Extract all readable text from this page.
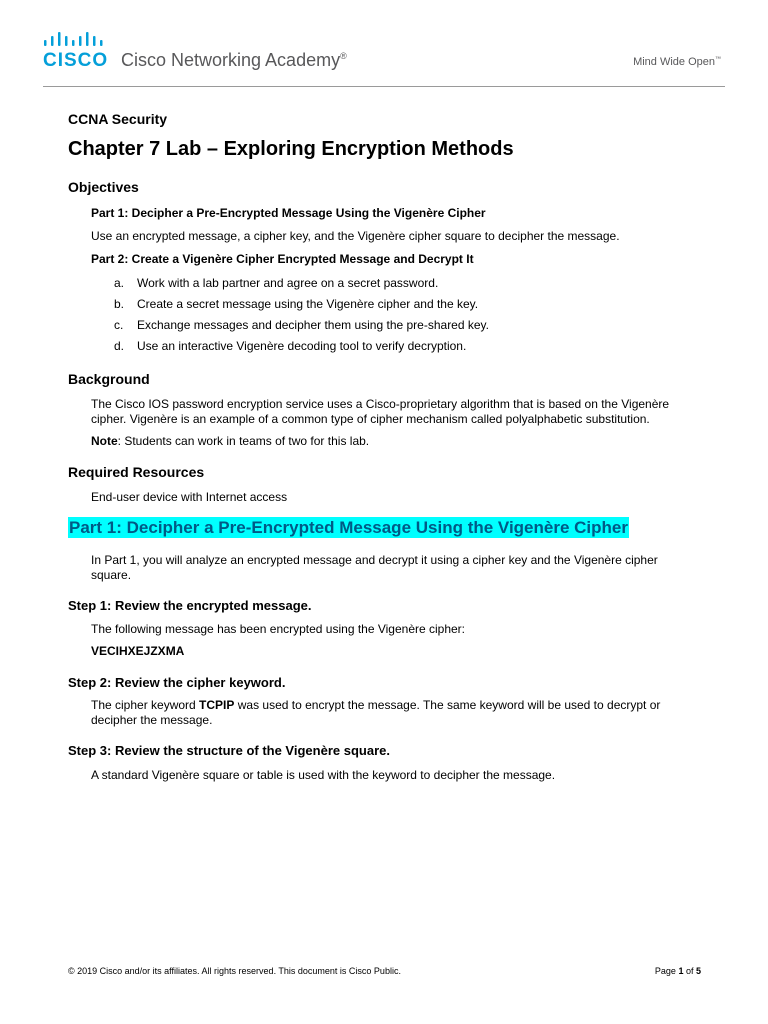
CISCO Cisco Networking Academy®	Mind Wide Open™
CCNA Security
Chapter 7 Lab – Exploring Encryption Methods
Objectives
Part 1: Decipher a Pre-Encrypted Message Using the Vigenère Cipher
Use an encrypted message, a cipher key, and the Vigenère cipher square to decipher the message.
Part 2: Create a Vigenère Cipher Encrypted Message and Decrypt It
a. Work with a lab partner and agree on a secret password.
b. Create a secret message using the Vigenère cipher and the key.
c. Exchange messages and decipher them using the pre-shared key.
d. Use an interactive Vigenère decoding tool to verify decryption.
Background
The Cisco IOS password encryption service uses a Cisco-proprietary algorithm that is based on the Vigenère
cipher. Vigenère is an example of a common type of cipher mechanism called polyalphabetic substitution.
Note: Students can work in teams of two for this lab.
Required Resources
End-user device with Internet access
Part 1: Decipher a Pre-Encrypted Message Using the Vigenère Cipher
In Part 1, you will analyze an encrypted message and decrypt it using a cipher key and the Vigenère cipher
square.
Step 1: Review the encrypted message.
The following message has been encrypted using the Vigenère cipher:
VECIHXEJZXMA
Step 2: Review the cipher keyword.
The cipher keyword TCPIP was used to encrypt the message. The same keyword will be used to decrypt or
decipher the message.
Step 3: Review the structure of the Vigenère square.
A standard Vigenère square or table is used with the keyword to decipher the message.
© 2019 Cisco and/or its affiliates. All rights reserved. This document is Cisco Public.	Page 1 of 5
